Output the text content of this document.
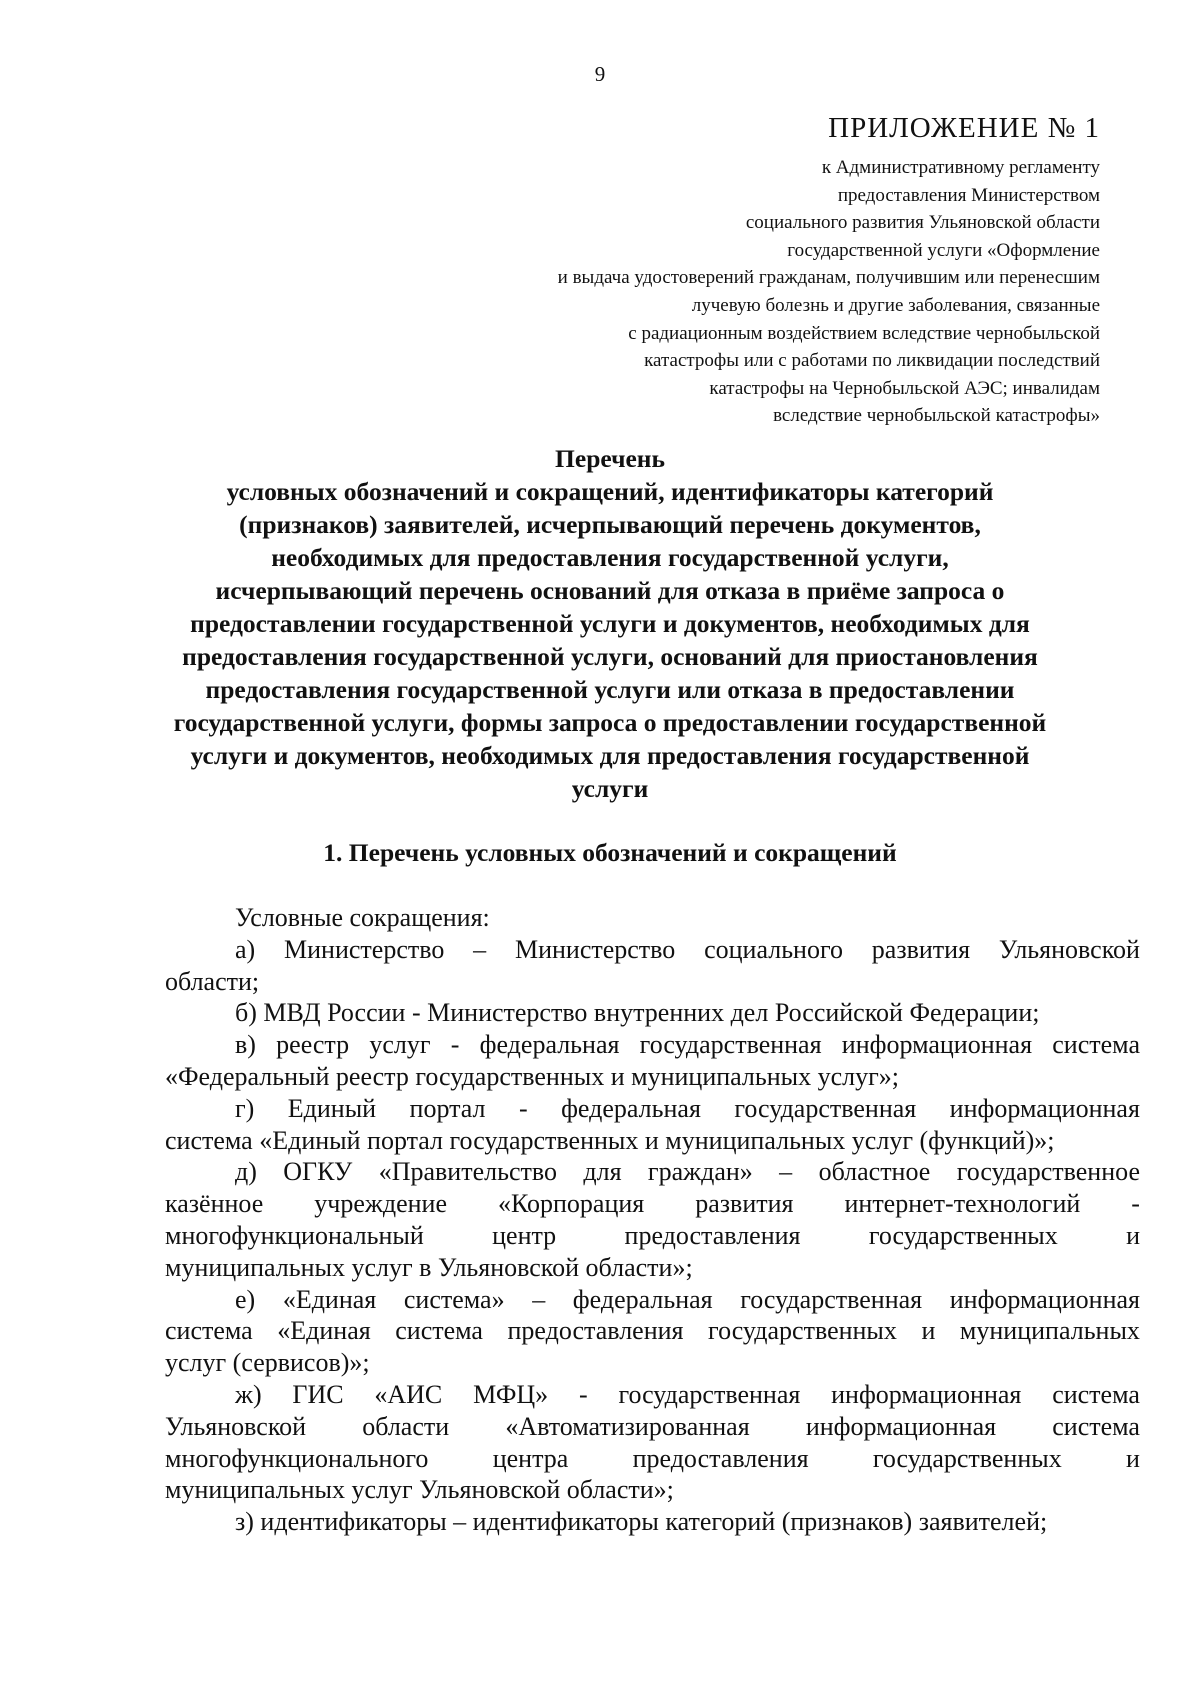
9
ПРИЛОЖЕНИЕ № 1
к Административному регламенту
предоставления Министерством
социального развития Ульяновской области
государственной услуги «Оформление
и выдача удостоверений гражданам, получившим или перенесшим
лучевую болезнь и другие заболевания, связанные
с радиационным воздействием вследствие чернобыльской
катастрофы или с работами по ликвидации последствий
катастрофы на Чернобыльской АЭС; инвалидам
вследствие чернобыльской катастрофы»
Перечень
условных обозначений и сокращений, идентификаторы категорий
(признаков) заявителей, исчерпывающий перечень документов,
необходимых для предоставления государственной услуги,
исчерпывающий перечень оснований для отказа в приёме запроса о
предоставлении государственной услуги и документов, необходимых для
предоставления государственной услуги, оснований для приостановления
предоставления государственной услуги или отказа в предоставлении
государственной услуги, формы запроса о предоставлении государственной
услуги и документов, необходимых для предоставления государственной
услуги
1. Перечень условных обозначений и сокращений
Условные сокращения:
а) Министерство – Министерство социального развития Ульяновской
области;
б) МВД России - Министерство внутренних дел Российской Федерации;
в) реестр услуг - федеральная государственная информационная система
«Федеральный реестр государственных и муниципальных услуг»;
г) Единый портал - федеральная государственная информационная
система «Единый портал государственных и муниципальных услуг (функций)»;
д) ОГКУ «Правительство для граждан» – областное государственное
казённое учреждение «Корпорация развития интернет-технологий -
многофункциональный	центр	предоставления	государственных	и
муниципальных услуг в Ульяновской области»;
е) «Единая система» – федеральная государственная информационная
система «Единая система предоставления государственных и муниципальных
услуг (сервисов)»;
ж) ГИС «АИС МФЦ» - государственная информационная система
Ульяновской области «Автоматизированная информационная система
многофункционального центра предоставления государственных и
муниципальных услуг Ульяновской области»;
з) идентификаторы – идентификаторы категорий (признаков) заявителей;
